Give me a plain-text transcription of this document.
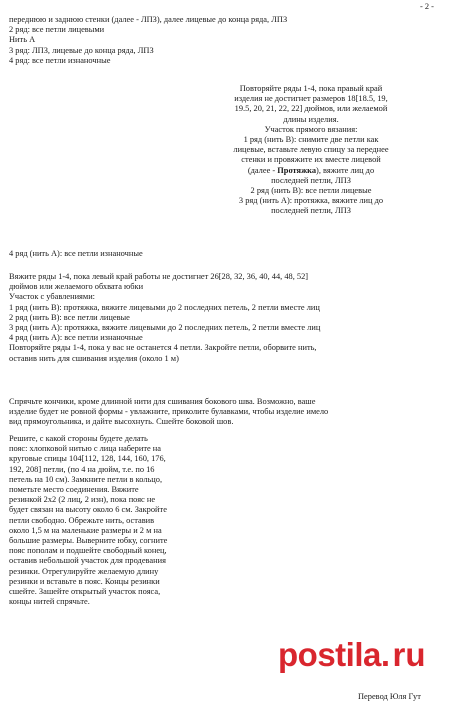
- 2 -
переднюю и заднюю стенки (далее - ЛПЗ), далее лицевые до конца ряда, ЛПЗ
2 ряд: все петли лицевыми
Нить А
3 ряд: ЛПЗ, лицевые до конца ряда, ЛПЗ
4 ряд: все петли изнаночные
Повторяйте ряды 1-4, пока правый край
изделия не достигнет размеров 18[18.5, 19,
19.5, 20, 21, 22, 22] дюймов, или желаемой
длины изделия.
Участок прямого вязания:
1 ряд (нить В): снимите две петли как
лицевые, вставьте левую спицу за переднее
стенки и провяжите их вместе лицевой
(далее - Протяжка), вяжите лиц до
последней петли, ЛПЗ
2 ряд (нить В): все петли лицевые
3 ряд (нить А): протяжка, вяжите лиц до
последней петли, ЛПЗ
4 ряд (нить А): все петли изнаночные
Вяжите ряды 1-4, пока левый край работы не достигнет 26[28, 32, 36, 40, 44, 48, 52]
дюймов или желаемого обхвата юбки
Участок с убавлениями:
1 ряд (нить В): протяжка, вяжите лицевыми до 2 последних петель, 2 петли вместе лиц
2 ряд (нить В): все петли лицевые
3 ряд (нить А): протяжка, вяжите лицевыми до 2 последних петель, 2 петли вместе лиц
4 ряд (нить А): все петли изнаночные
Повторяйте ряды 1-4, пока у вас не останется 4 петли. Закройте петли, оборвите нить,
оставив нить для сшивания изделия (около 1 м)
Спрячьте кончики, кроме длинной нити для сшивания бокового шва. Возможно, ваше
изделие будет не ровной формы - увлажните, приколите булавками, чтобы изделие имело
вид прямоугольника, и дайте высохнуть. Сшейте боковой шов.
Решите, с какой стороны будете делать
пояс: хлопковой нитью с лица наберите на
круговые спицы 104[112, 128, 144, 160, 176,
192, 208] петли, (по 4 на дюйм, т.е. по 16
петель на 10 см). Замкните петли в кольцо,
пометьте место соединения. Вяжите
резинкой 2х2 (2 лиц, 2 изн), пока пояс не
будет связан на высоту около 6 см. Закройте
петли свободно. Обрежьте нить, оставив
около 1,5 м на маленькие размеры и 2 м на
большие размеры. Выверните юбку, согните
пояс пополам и подшейте свободный конец,
оставив небольшой участок для продевания
резинки. Отрегулируйте желаемую длину
резинки и вставьте в пояс. Концы резинки
сшейте. Зашейте открытый участок пояса,
концы нитей спрячьте.
postila. ru
Перевод Юля Гут
